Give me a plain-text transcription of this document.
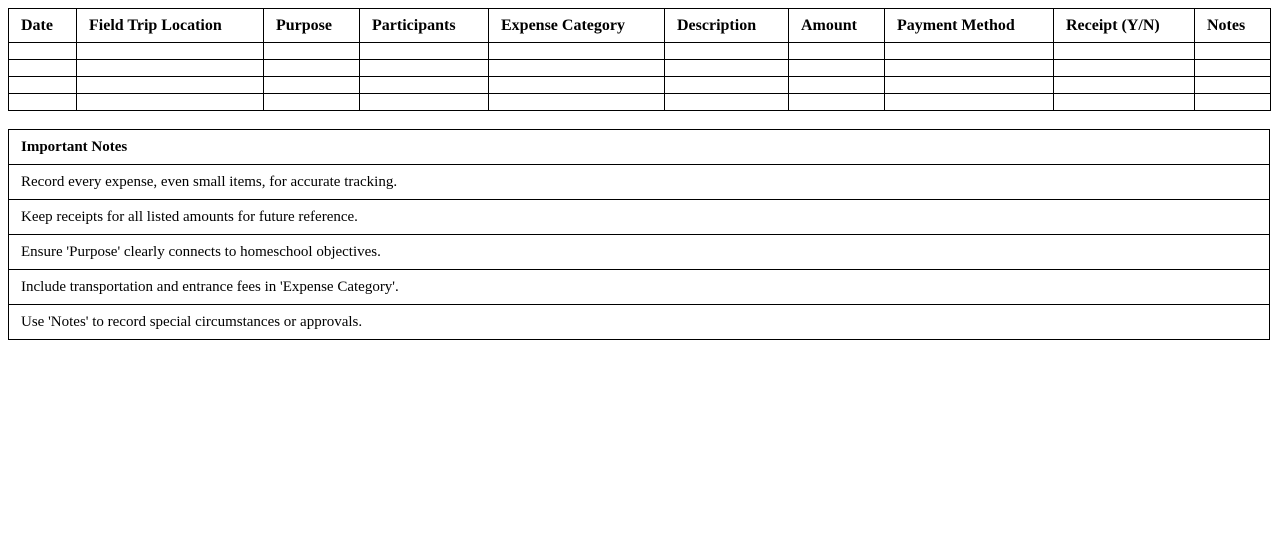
Date	Field Trip Location	Purpose	Participants	Expense Category	Description	Amount	Payment Method	Receipt (Y/N)	Notes

Important Notes
Record every expense, even small items, for accurate tracking.
Keep receipts for all listed amounts for future reference.
Ensure 'Purpose' clearly connects to homeschool objectives.
Include transportation and entrance fees in 'Expense Category'.
Use 'Notes' to record special circumstances or approvals.
